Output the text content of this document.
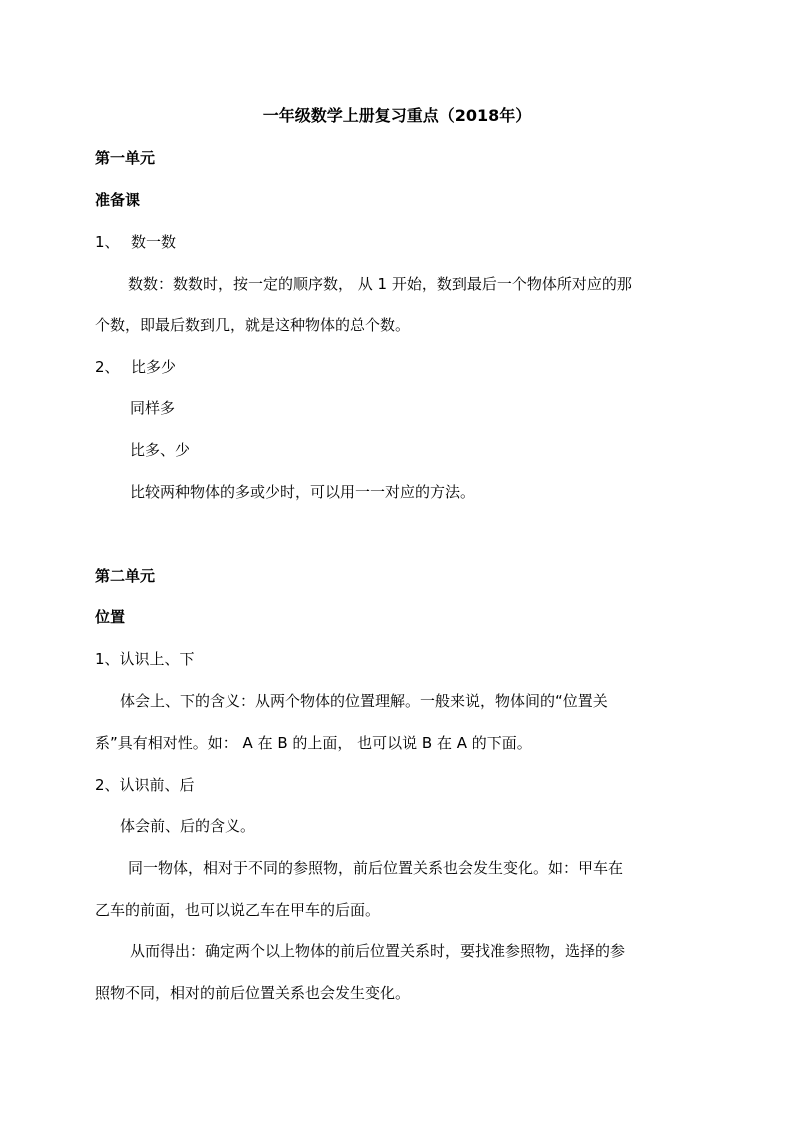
一年级数学上册复习重点（2018年）
第一单元
准备课
1、 数一数
数数：数数时，按一定的顺序数， 从 1 开始，数到最后一个物体所对应的那
个数，即最后数到几，就是这种物体的总个数。
2、 比多少
同样多
比多、少
比较两种物体的多或少时，可以用一一对应的方法。
第二单元
位置
1、认识上、下
体会上、下的含义：从两个物体的位置理解。一般来说，物体间的“位置关
系”具有相对性。如： A 在 B 的上面， 也可以说 B 在 A 的下面。
2、认识前、后
体会前、后的含义。
同一物体，相对于不同的参照物，前后位置关系也会发生变化。如：甲车在
乙车的前面，也可以说乙车在甲车的后面。
从而得出：确定两个以上物体的前后位置关系时，要找准参照物，选择的参
照物不同，相对的前后位置关系也会发生变化。
